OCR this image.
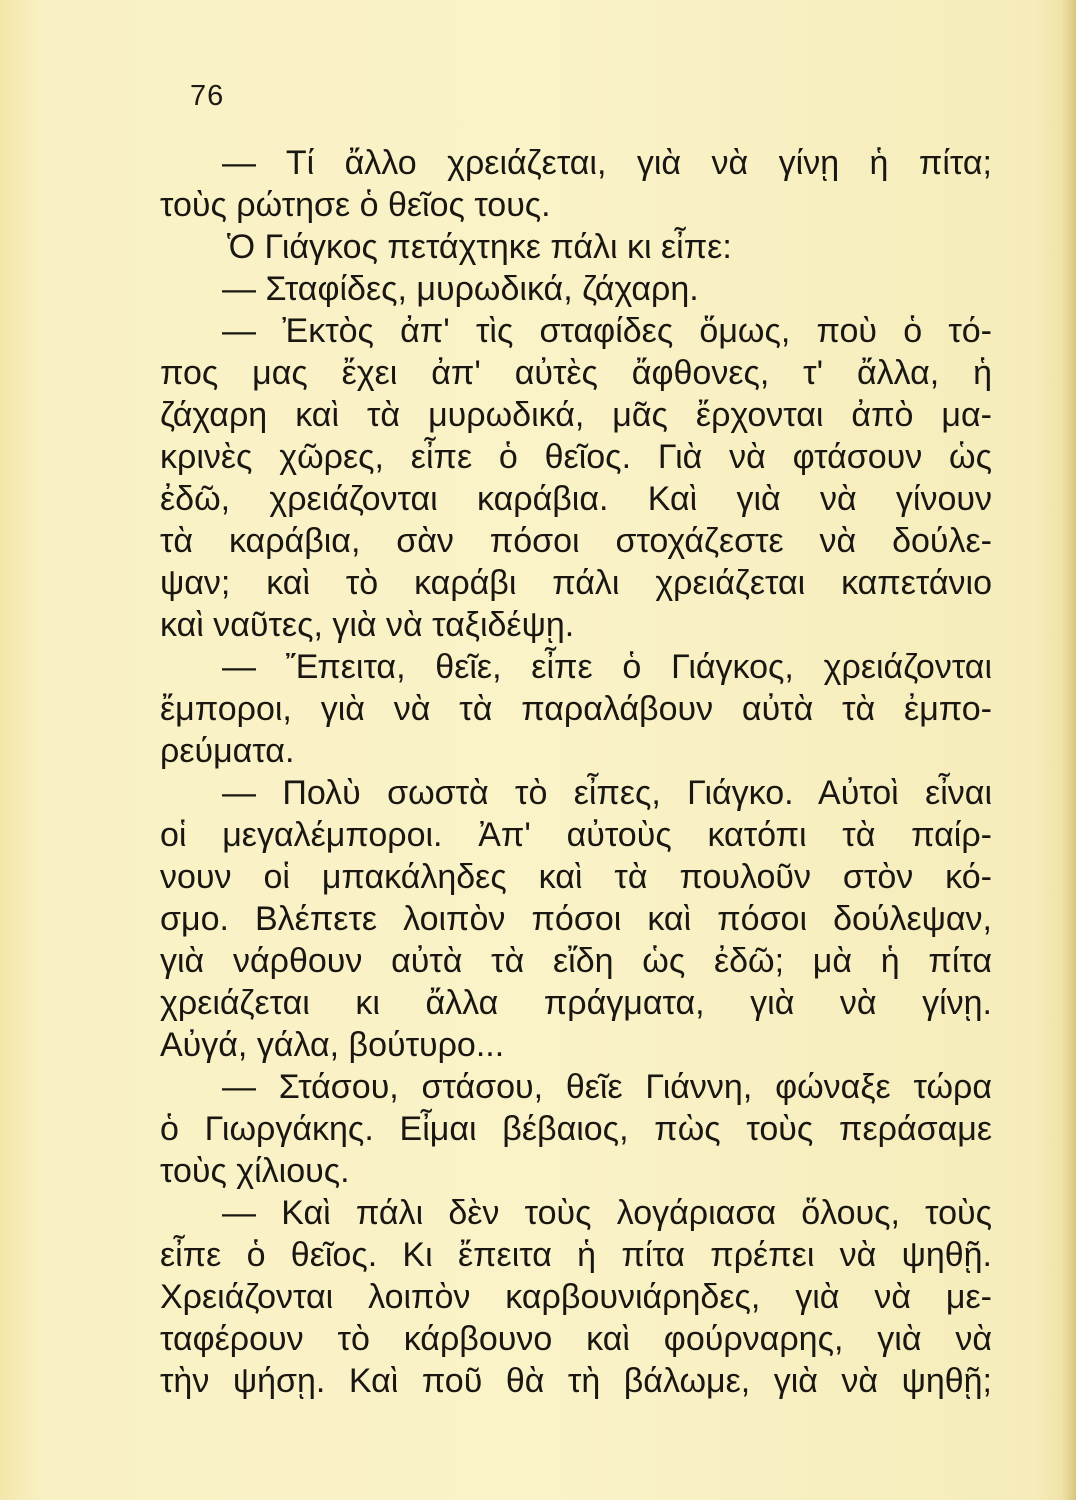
76
— Τί ἄλλο χρειάζεται, γιὰ νὰ γίνῃ ἡ πίτα;
τοὺς ρώτησε ὁ θεῖος τους.
Ὁ Γιάγκος πετάχτηκε πάλι κι εἶπε:
— Σταφίδες, μυρωδικά, ζάχαρη.
— Ἐκτὸς ἀπ' τὶς σταφίδες ὅμως, ποὺ ὁ τό-
πος μας ἔχει ἀπ' αὐτὲς ἄφθονες, τ' ἄλλα, ἡ
ζάχαρη καὶ τὰ μυρωδικά, μᾶς ἔρχονται ἀπὸ μα-
κρινὲς χῶρες, εἶπε ὁ θεῖος. Γιὰ νὰ φτάσουν ὡς
ἐδῶ, χρειάζονται καράβια. Καὶ γιὰ νὰ γίνουν
τὰ καράβια, σὰν πόσοι στοχάζεστε νὰ δούλε-
ψαν; καὶ τὸ καράβι πάλι χρειάζεται καπετάνιο
καὶ ναῦτες, γιὰ νὰ ταξιδέψῃ.
— Ἔπειτα, θεῖε, εἶπε ὁ Γιάγκος, χρειάζονται
ἔμποροι, γιὰ νὰ τὰ παραλάβουν αὐτὰ τὰ ἐμπο-
ρεύματα.
— Πολὺ σωστὰ τὸ εἶπες, Γιάγκο. Αὐτοὶ εἶναι
οἱ μεγαλέμποροι. Ἀπ' αὐτοὺς κατόπι τὰ παίρ-
νουν οἱ μπακάληδες καὶ τὰ πουλοῦν στὸν κό-
σμο. Βλέπετε λοιπὸν πόσοι καὶ πόσοι δούλεψαν,
γιὰ νάρθουν αὐτὰ τὰ εἴδη ὡς ἐδῶ; μὰ ἡ πίτα
χρειάζεται κι ἄλλα πράγματα, γιὰ νὰ γίνῃ.
Αὐγά, γάλα, βούτυρο...
— Στάσου, στάσου, θεῖε Γιάννη, φώναξε τώρα
ὁ Γιωργάκης. Εἶμαι βέβαιος, πὼς τοὺς περάσαμε
τοὺς χίλιους.
— Καὶ πάλι δὲν τοὺς λογάριασα ὅλους, τοὺς
εἶπε ὁ θεῖος. Κι ἔπειτα ἡ πίτα πρέπει νὰ ψηθῇ.
Χρειάζονται λοιπὸν καρβουνιάρηδες, γιὰ νὰ με-
ταφέρουν τὸ κάρβουνο καὶ φούρναρης, γιὰ νὰ
τὴν ψήσῃ. Καὶ ποῦ θὰ τὴ βάλωμε, γιὰ νὰ ψηθῇ;
